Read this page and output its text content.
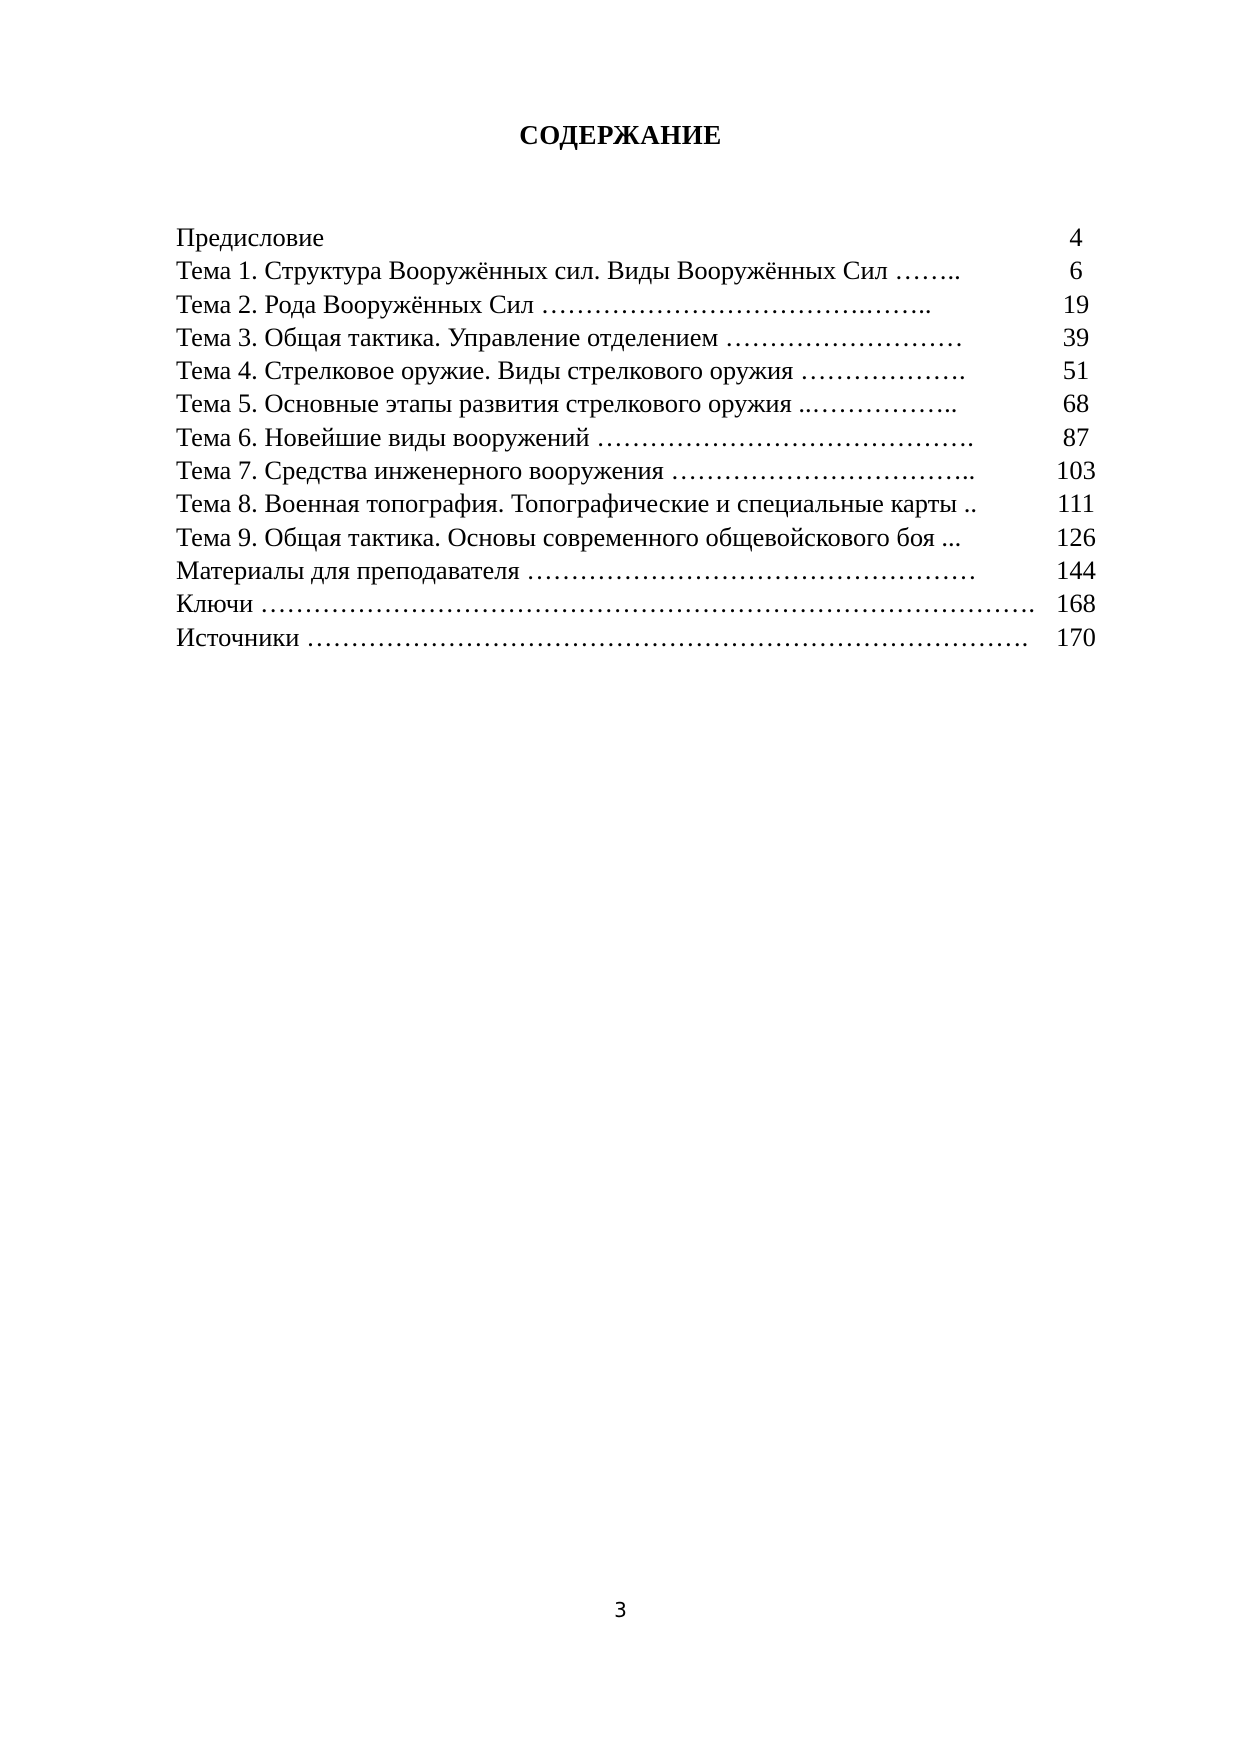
СОДЕРЖАНИЕ
Предисловие	4
Тема 1. Структура Вооружённых сил. Виды Вооружённых Сил ……..	6
Тема 2. Рода Вооружённых Сил ……………………………….……..	19
Тема 3. Общая тактика. Управление отделением ………………………	39
Тема 4. Стрелковое оружие. Виды стрелкового оружия ……………….	51
Тема 5. Основные этапы развития стрелкового оружия ..……………..	68
Тема 6. Новейшие виды вооружений …………………………………….	87
Тема 7. Средства инженерного вооружения ……………………………..	103
Тема 8. Военная топография. Топографические и специальные карты ..	111
Тема 9. Общая тактика. Основы современного общевойскового боя ...	126
Материалы для преподавателя ……………………………………………	144
Ключи ……………………………………………………………………………. 168
Источники ……………………………………………………………………….	170
3
